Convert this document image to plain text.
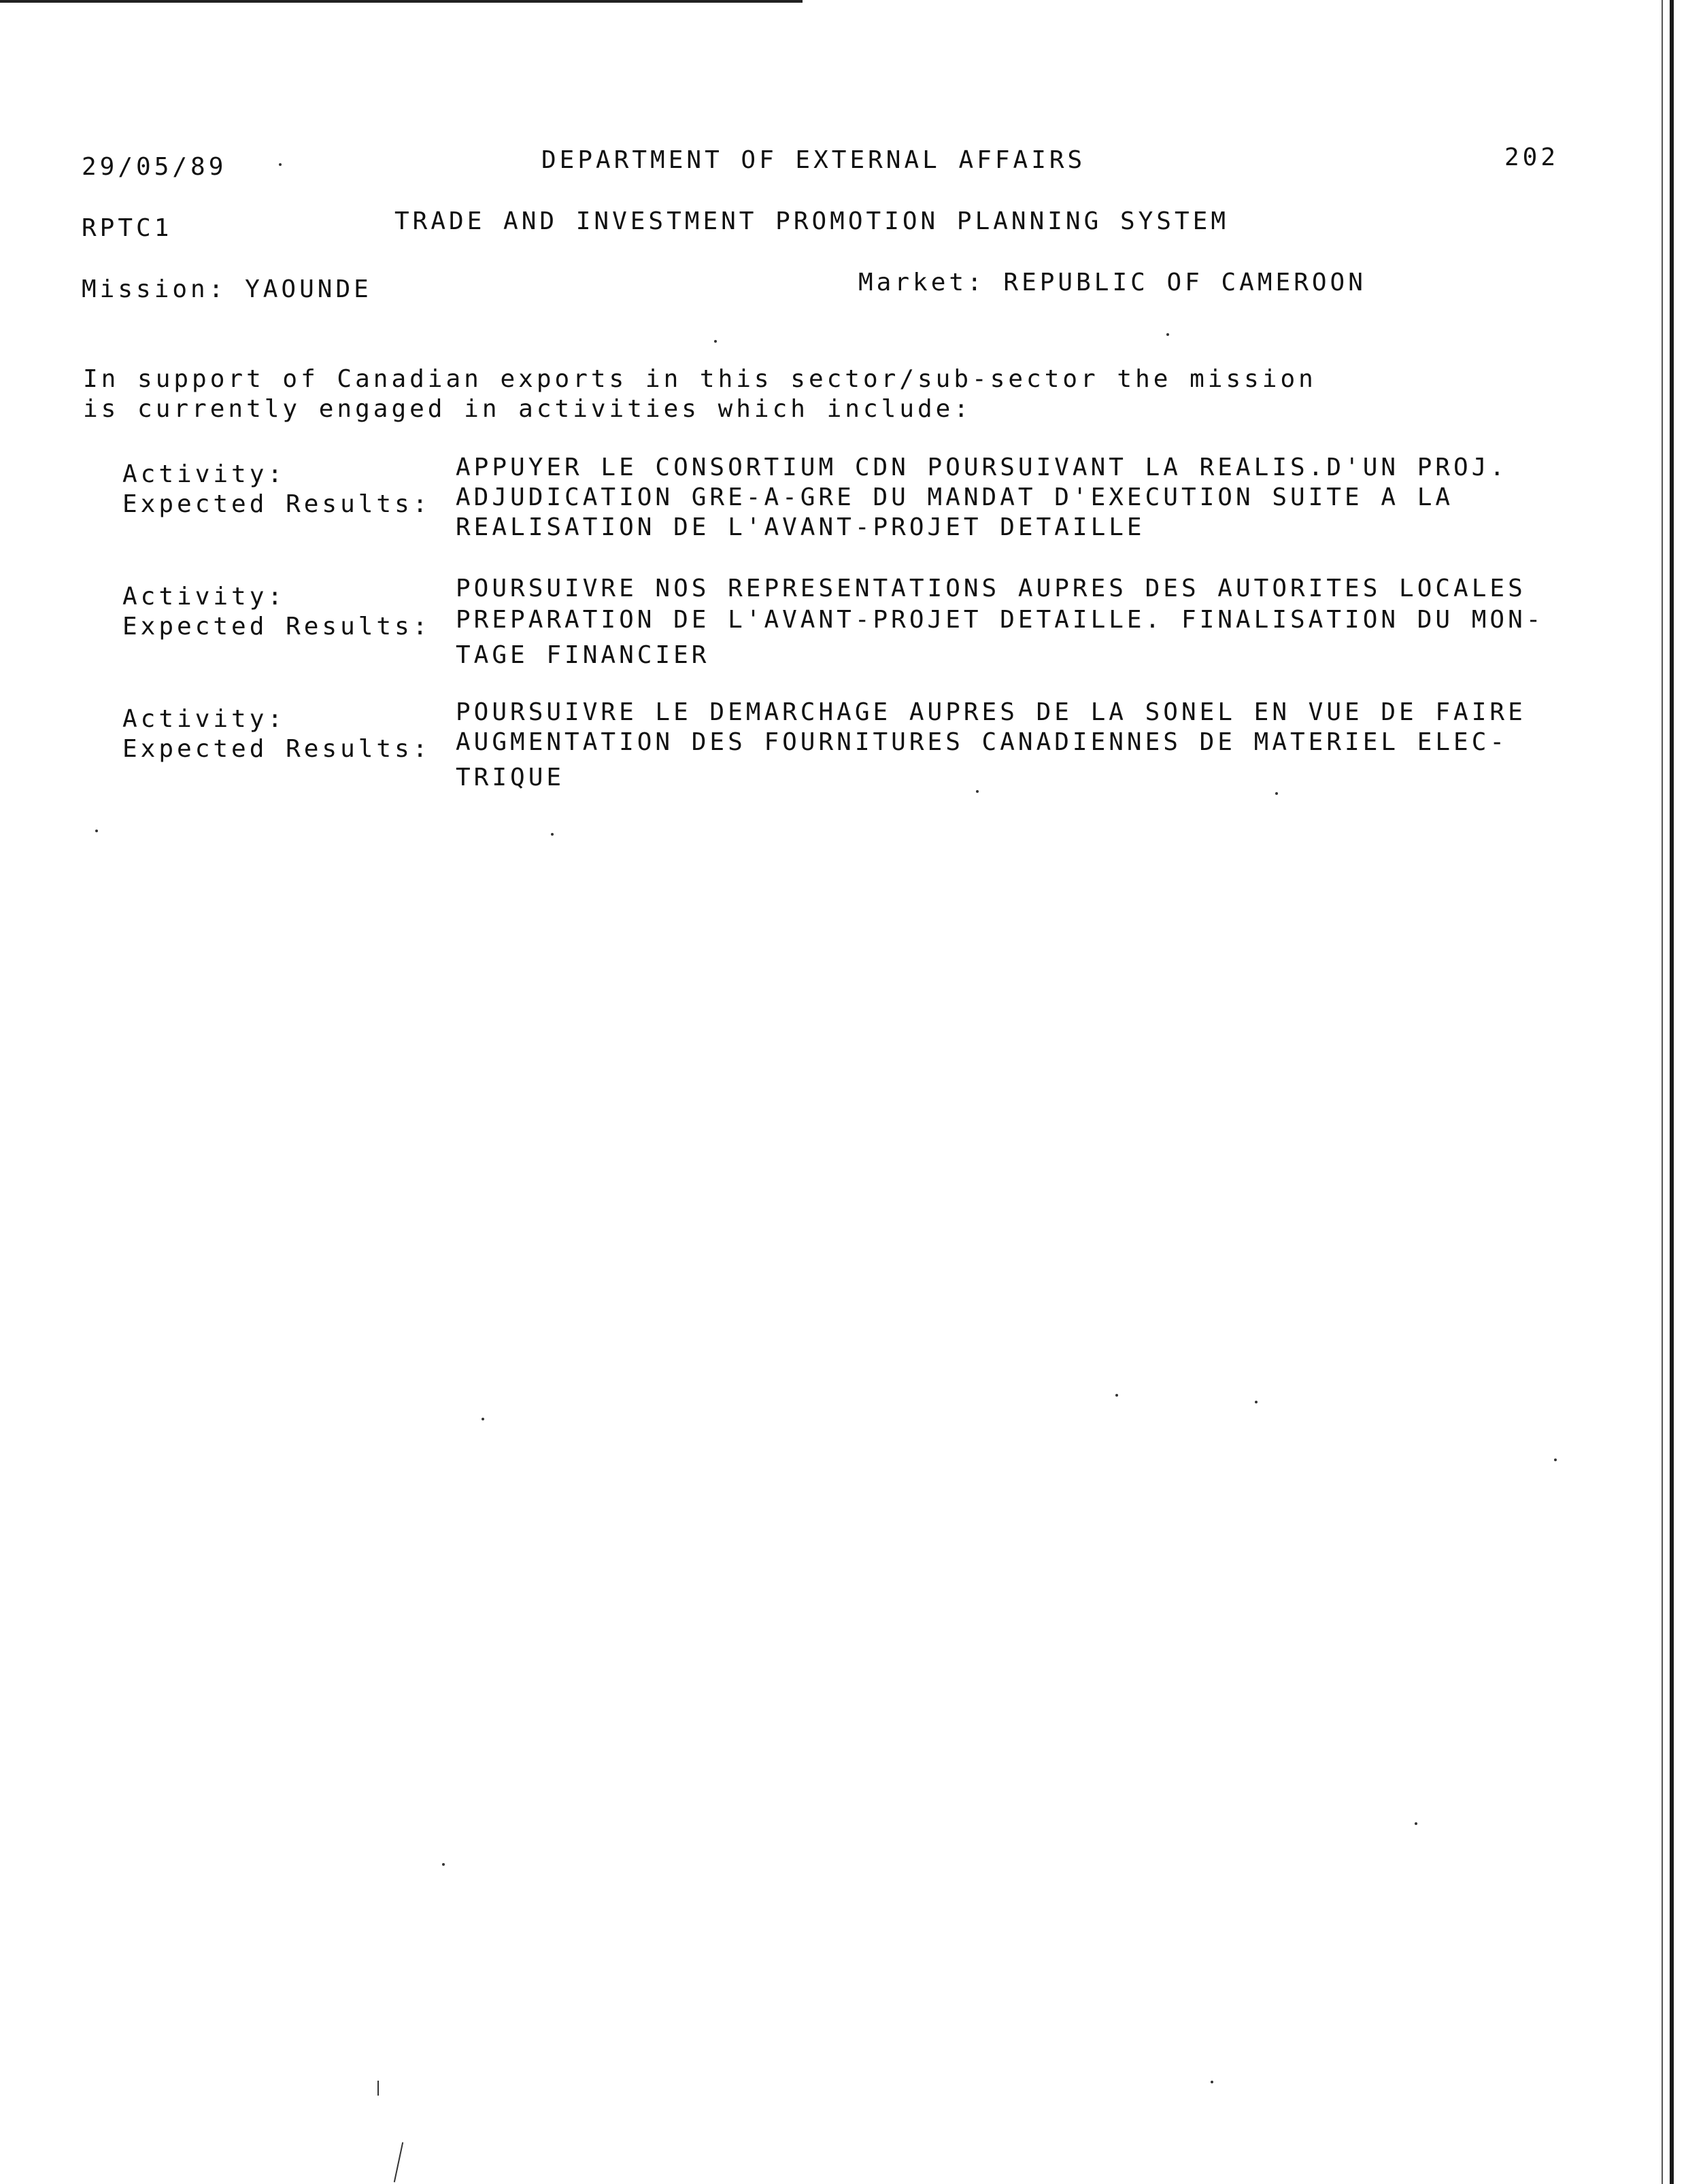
29/05/89	DEPARTMENT OF EXTERNAL AFFAIRS	202
RPTC1	TRADE AND INVESTMENT PROMOTION PLANNING SYSTEM
Mission: YAOUNDE	Market: REPUBLIC OF CAMEROON
In support of Canadian exports in this sector/sub-sector the mission
is currently engaged in activities which include:
Activity:	APPUYER LE CONSORTIUM CDN POURSUIVANT LA REALIS.D'UN PROJ.
Expected Results: ADJUDICATION GRE-A-GRE DU MANDAT D'EXECUTION SUITE A LA
REALISATION DE L'AVANT-PROJET DETAILLE
Activity:	POURSUIVRE NOS REPRESENTATIONS AUPRES DES AUTORITES LOCALES
Expected Results: PREPARATION DE L'AVANT-PROJET DETAILLE. FINALISATION DU MON-
TAGE FINANCIER
Activity:	POURSUIVRE LE DEMARCHAGE AUPRES DE LA SONEL EN VUE DE FAIRE
Expected Results: AUGMENTATION DES FOURNITURES CANADIENNES DE MATERIEL ELEC-
TRIQUE
